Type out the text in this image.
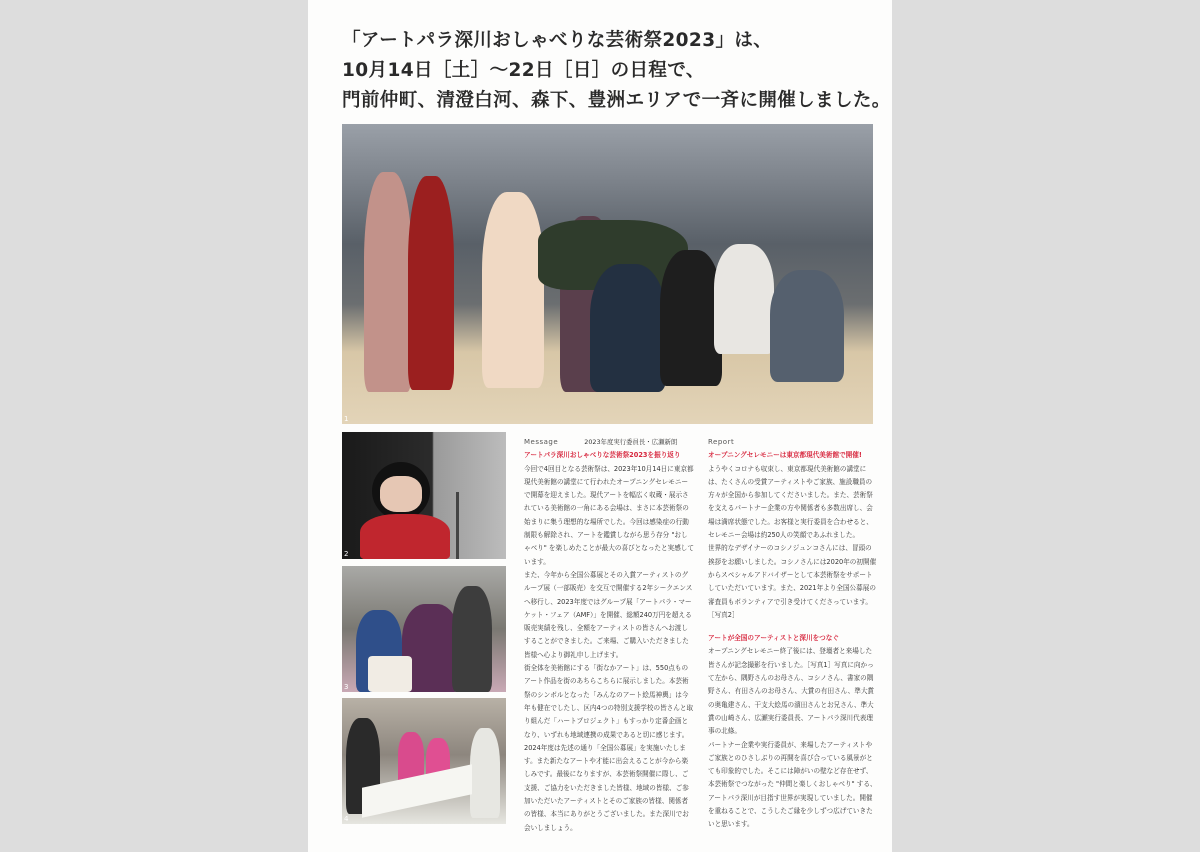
「アートパラ深川おしゃべりな芸術祭2023」は、
10月14日［土］～22日［日］の日程で、
門前仲町、清澄白河、森下、豊洲エリアで一斉に開催しました。
1
2
3
4
Message	2023年度実行委員長・広瀬新朗
アートパラ深川おしゃべりな芸術祭2023を振り返り

今回で4回目となる芸術祭は、2023年10月14日に東京都現代美術館の講堂にて行われたオープニングセレモニーで開幕を迎えました。現代アートを幅広く収蔵・展示されている美術館の一角にある会場は、まさに本芸術祭の始まりに集う理想的な場所でした。今回は感染症の行動制限も解除され、アートを鑑賞しながら思う存分 "おしゃべり" を楽しめたことが最大の喜びとなったと実感しています。

また、今年から全国公募展とその入賞アーティストのグループ展（一部販売）を交互で開催する2年シークエンスへ移行し、2023年度ではグループ展「アートパラ・マーケット・フェア（AMF）」を開催、総額240万円を超える販売実績を残し、全額をアーティストの皆さんへお渡しすることができました。ご来場、ご購入いただきました皆様へ心より御礼申し上げます。

街全体を美術館にする「街なかアート」は、550点ものアート作品を街のあちらこちらに展示しました。本芸術祭のシンボルとなった「みんなのアート絵馬神輿」は今年も健在でしたし、区内4つの特別支援学校の皆さんと取り組んだ「ハートプロジェクト」もすっかり定番企画となり、いずれも地域連携の成果であると切に感じます。

2024年度は先述の通り「全国公募展」を実施いたします。また新たなアートや才能に出会えることが今から楽しみです。最後になりますが、本芸術祭開催に際し、ご支援、ご協力をいただきました皆様、地域の皆様、ご参加いただいたアーティストとそのご家族の皆様、関係者の皆様、本当にありがとうございました。また深川でお会いしましょう。

Report
オープニングセレモニーは東京都現代美術館で開催!

ようやくコロナも収束し、東京都現代美術館の講堂には、たくさんの受賞アーティストやご家族、施設職員の方々が全国から参加してくださいました。また、芸術祭を支えるパートナー企業の方や関係者も多数出席し、会場は満席状態でした。お客様と実行委員を合わせると、セレモニー会場は約250人の笑顔であふれました。

世界的なデザイナーのコシノジュンコさんには、冒頭の挨拶をお願いしました。コシノさんには2020年の初開催からスペシャルアドバイザーとして本芸術祭をサポートしていただいています。また、2021年より全国公募展の審査員もボランティアで引き受けてくださっています。［写真2］

アートが全国のアーティストと深川をつなぐ

オープニングセレモニー終了後には、登壇者と来場した皆さんが記念撮影を行いました。［写真1］写真に向かって左から、隅野さんのお母さん、コシノさん、書家の隅野さん、有田さんのお母さん、大賞の有田さん、準大賞の奥亀建さん、干支大絵馬の濱田さんとお兄さん、準大賞の山崎さん、広瀬実行委員長、アートパラ深川代表理事の北條。

パートナー企業や実行委員が、来場したアーティストやご家族とのひさしぶりの再開を喜び合っている風景がとても印象的でした。そこには障がいの壁など存在せず、本芸術祭でつながった "仲間と楽しくおしゃべり" する、アートパラ深川が目指す世界が実現していました。開催を重ねることで、こうしたご縁を少しずつ広げていきたいと思います。
